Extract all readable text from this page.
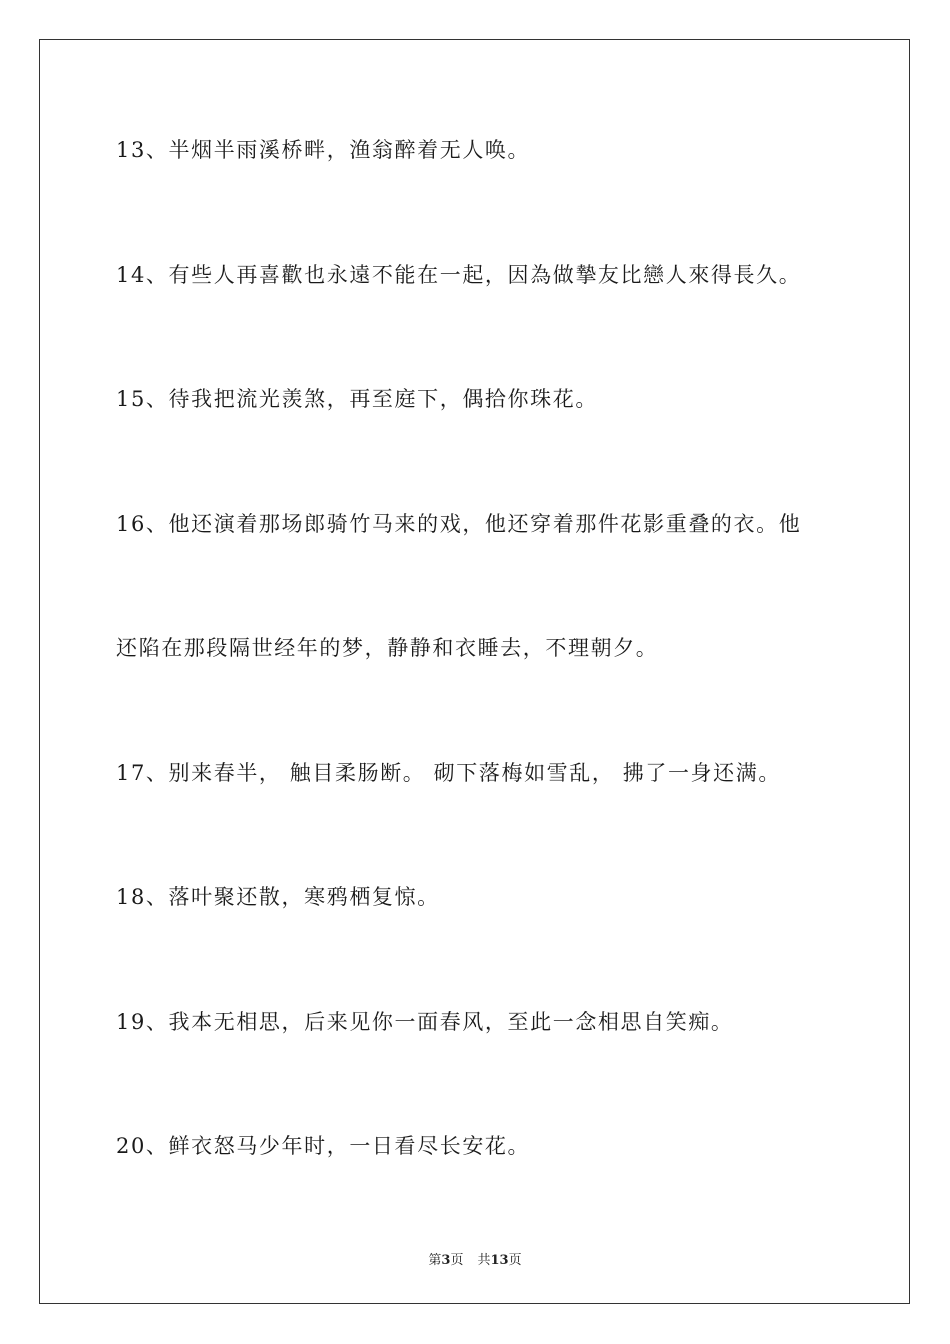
13、半烟半雨溪桥畔，渔翁醉着无人唤。
14、有些人再喜歡也永遠不能在一起，因為做摯友比戀人來得長久。
15、待我把流光羡煞，再至庭下，偶拾你珠花。
16、他还演着那场郎骑竹马来的戏，他还穿着那件花影重叠的衣。他
还陷在那段隔世经年的梦，静静和衣睡去，不理朝夕。
17、别来春半， 触目柔肠断。 砌下落梅如雪乱， 拂了一身还满。
18、落叶聚还散，寒鸦栖复惊。
19、我本无相思，后来见你一面春风，至此一念相思自笑痴。
20、鲜衣怒马少年时，一日看尽长安花。
第3页 共13页
